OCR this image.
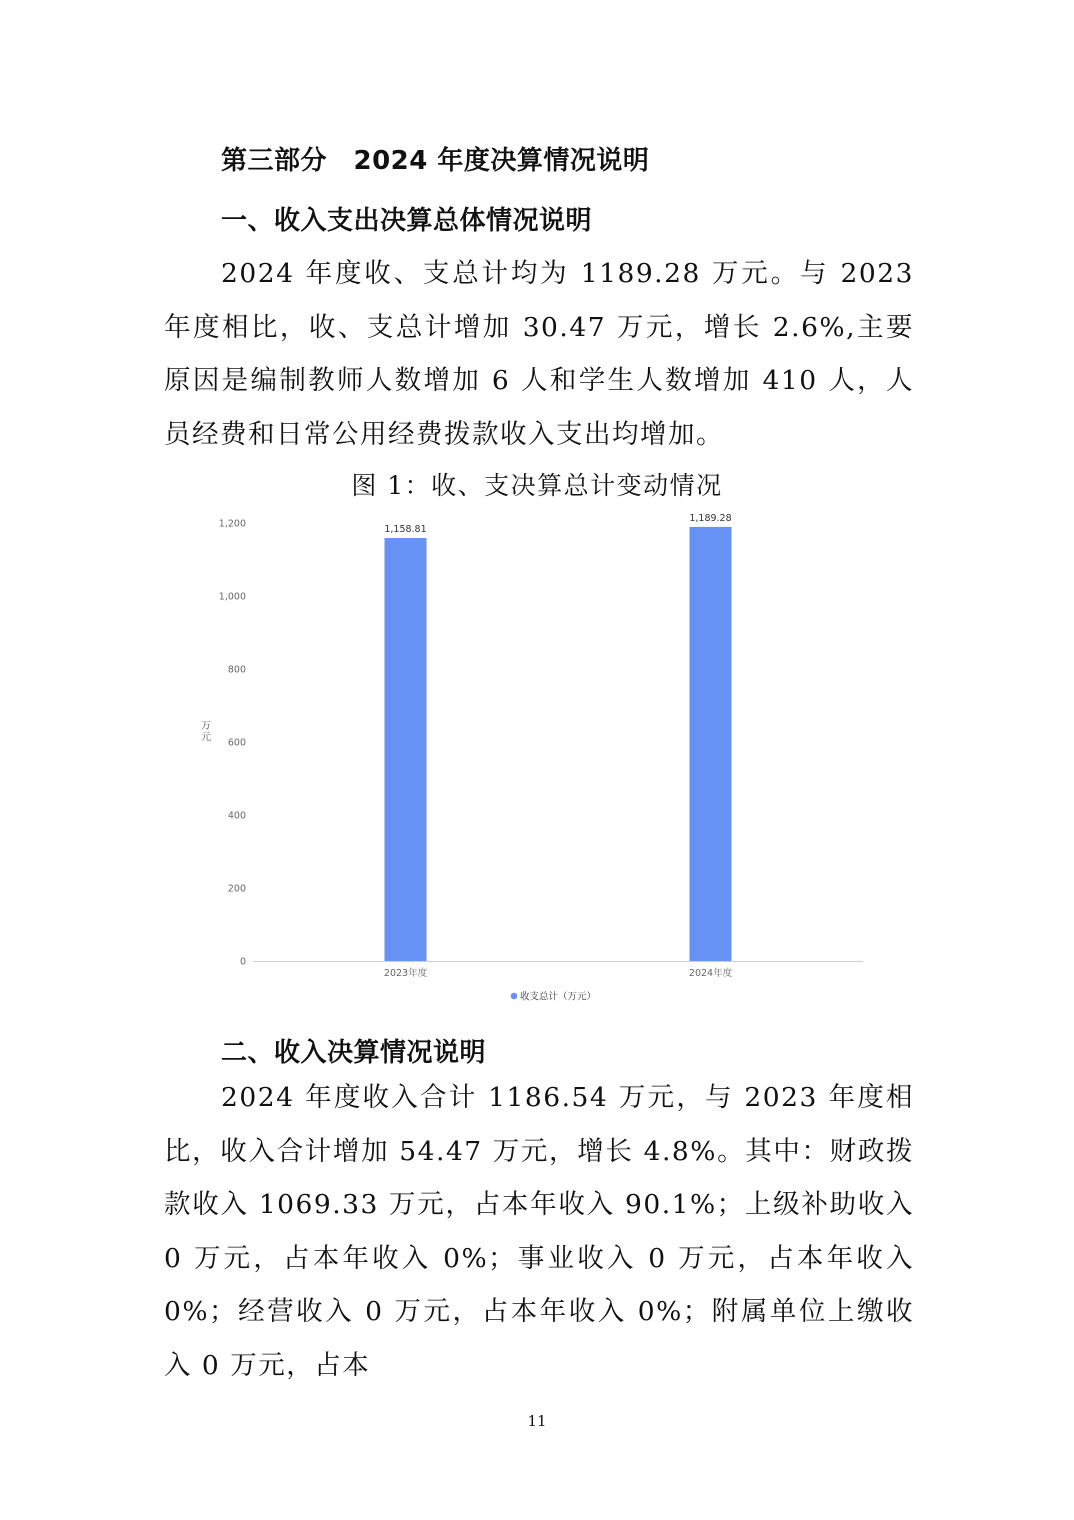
第三部分　2024 年度决算情况说明
一、收入支出决算总体情况说明

2024 年度收、支总计均为 1189.28 万元。与 2023 年度相比，收、支总计增加 30.47 万元，增长 2.6%,主要原因是编制教师人数增加 6 人和学生人数增加 410 人，人员经费和日常公用经费拨款收入支出均增加。

图 1：收、支决算总计变动情况
万
元
0
200
400
600
800
1,000
1,200
1,158.81
1,189.28
2023年度	2024年度
收支总计（万元）
二、收入决算情况说明

2024 年度收入合计 1186.54 万元，与 2023 年度相比，收入合计增加 54.47 万元，增长 4.8%。其中：财政拨款收入 1069.33 万元，占本年收入 90.1%；上级补助收入 0 万元，占本年收入 0%；事业收入 0 万元，占本年收入 0%；经营收入 0 万元，占本年收入 0%；附属单位上缴收入 0 万元，占本

11
